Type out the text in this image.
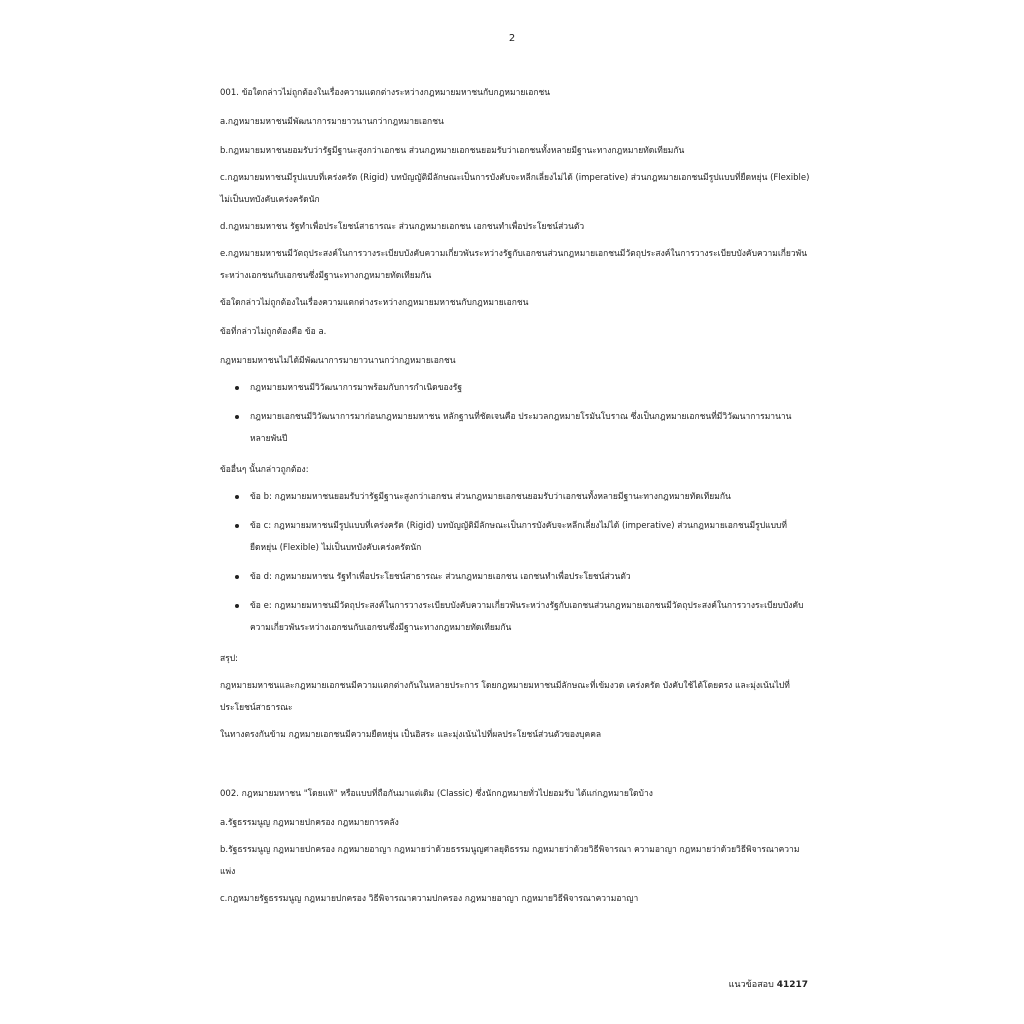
2

001. ข้อใดกล่าวไม่ถูกต้องในเรื่องความแตกต่างระหว่างกฎหมายมหาชนกับกฎหมายเอกชน

a.กฎหมายมหาชนมีพัฒนาการมายาวนานกว่ากฎหมายเอกชน

b.กฎหมายมหาชนยอมรับว่ารัฐมีฐานะสูงกว่าเอกชน ส่วนกฎหมายเอกชนยอมรับว่าเอกชนทั้งหลายมีฐานะทางกฎหมายทัดเทียมกัน

c.กฎหมายมหาชนมีรูปแบบที่เคร่งครัด (Rigid) บทบัญญัติมีลักษณะเป็นการบังคับจะหลีกเลี่ยงไม่ได้ (imperative) ส่วนกฎหมายเอกชนมีรูปแบบที่ยืดหยุ่น (Flexible) ไม่เป็นบทบังคับเคร่งครัดนัก

d.กฎหมายมหาชน รัฐทำเพื่อประโยชน์สาธารณะ ส่วนกฎหมายเอกชน เอกชนทำเพื่อประโยชน์ส่วนตัว

e.กฎหมายมหาชนมีวัตถุประสงค์ในการวางระเบียบบังคับความเกี่ยวพันระหว่างรัฐกับเอกชนส่วนกฎหมายเอกชนมีวัตถุประสงค์ในการวางระเบียบบังคับความเกี่ยวพันระหว่างเอกชนกับเอกชนซึ่งมีฐานะทางกฎหมายทัดเทียมกัน

ข้อใดกล่าวไม่ถูกต้องในเรื่องความแตกต่างระหว่างกฎหมายมหาชนกับกฎหมายเอกชน

ข้อที่กล่าวไม่ถูกต้องคือ ข้อ a.

กฎหมายมหาชนไม่ได้มีพัฒนาการมายาวนานกว่ากฎหมายเอกชน

กฎหมายมหาชนมีวิวัฒนาการมาพร้อมกับการกำเนิดของรัฐ
กฎหมายเอกชนมีวิวัฒนาการมาก่อนกฎหมายมหาชน หลักฐานที่ชัดเจนคือ ประมวลกฎหมายโรมันโบราณ ซึ่งเป็นกฎหมายเอกชนที่มีวิวัฒนาการมานานหลายพันปี

ข้ออื่นๆ นั้นกล่าวถูกต้อง:

ข้อ b: กฎหมายมหาชนยอมรับว่ารัฐมีฐานะสูงกว่าเอกชน ส่วนกฎหมายเอกชนยอมรับว่าเอกชนทั้งหลายมีฐานะทางกฎหมายทัดเทียมกัน
ข้อ c: กฎหมายมหาชนมีรูปแบบที่เคร่งครัด (Rigid) บทบัญญัติมีลักษณะเป็นการบังคับจะหลีกเลี่ยงไม่ได้ (imperative) ส่วนกฎหมายเอกชนมีรูปแบบที่ยืดหยุ่น (Flexible) ไม่เป็นบทบังคับเคร่งครัดนัก
ข้อ d: กฎหมายมหาชน รัฐทำเพื่อประโยชน์สาธารณะ ส่วนกฎหมายเอกชน เอกชนทำเพื่อประโยชน์ส่วนตัว
ข้อ e: กฎหมายมหาชนมีวัตถุประสงค์ในการวางระเบียบบังคับความเกี่ยวพันระหว่างรัฐกับเอกชนส่วนกฎหมายเอกชนมีวัตถุประสงค์ในการวางระเบียบบังคับความเกี่ยวพันระหว่างเอกชนกับเอกชนซึ่งมีฐานะทางกฎหมายทัดเทียมกัน

สรุป:

กฎหมายมหาชนและกฎหมายเอกชนมีความแตกต่างกันในหลายประการ โดยกฎหมายมหาชนมีลักษณะที่เข้มงวด เคร่งครัด บังคับใช้ได้โดยตรง และมุ่งเน้นไปที่ประโยชน์สาธารณะ

ในทางตรงกันข้าม กฎหมายเอกชนมีความยืดหยุ่น เป็นอิสระ และมุ่งเน้นไปที่ผลประโยชน์ส่วนตัวของบุคคล

002. กฎหมายมหาชน "โดยแท้" หรือแบบที่ถือกันมาแต่เดิม (Classic) ซึ่งนักกฎหมายทั่วไปยอมรับ ได้แก่กฎหมายใดบ้าง

a.รัฐธรรมนูญ กฎหมายปกครอง กฎหมายการคลัง

b.รัฐธรรมนูญ กฎหมายปกครอง กฎหมายอาญา กฎหมายว่าด้วยธรรมนูญศาลยุติธรรม กฎหมายว่าด้วยวิธีพิจารณา ความอาญา กฎหมายว่าด้วยวิธีพิจารณาความแพ่ง

c.กฎหมายรัฐธรรมนูญ กฎหมายปกครอง วิธีพิจารณาความปกครอง กฎหมายอาญา กฎหมายวิธีพิจารณาความอาญา

แนวข้อสอบ 41217
